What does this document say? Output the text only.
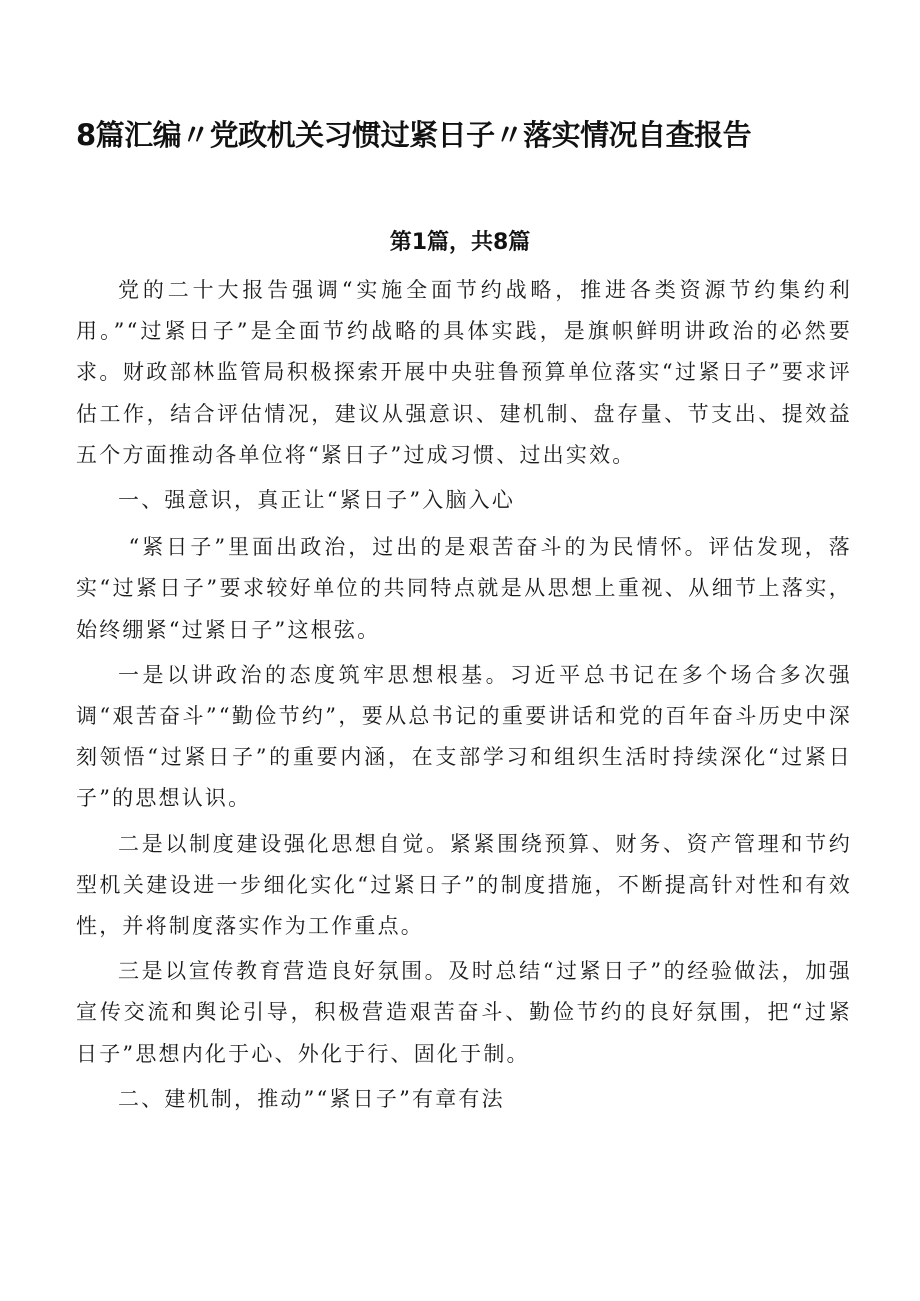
8篇汇编〃党政机关习惯过紧日子〃落实情况自查报告
第1篇，共8篇

党的二十大报告强调“实施全面节约战略，推进各类资源节约集约利用。”“过紧日子”是全面节约战略的具体实践，是旗帜鲜明讲政治的必然要求。财政部林监管局积极探索开展中央驻鲁预算单位落实“过紧日子”要求评估工作，结合评估情况，建议从强意识、建机制、盘存量、节支出、提效益五个方面推动各单位将“紧日子”过成习惯、过出实效。

一、强意识，真正让“紧日子”入脑入心

“紧日子”里面出政治，过出的是艰苦奋斗的为民情怀。评估发现，落实“过紧日子”要求较好单位的共同特点就是从思想上重视、从细节上落实，始终绷紧“过紧日子”这根弦。

一是以讲政治的态度筑牢思想根基。习近平总书记在多个场合多次强调“艰苦奋斗”“勤俭节约”，要从总书记的重要讲话和党的百年奋斗历史中深刻领悟“过紧日子”的重要内涵，在支部学习和组织生活时持续深化“过紧日子”的思想认识。

二是以制度建设强化思想自觉。紧紧围绕预算、财务、资产管理和节约型机关建设进一步细化实化“过紧日子”的制度措施，不断提高针对性和有效性，并将制度落实作为工作重点。

三是以宣传教育营造良好氛围。及时总结“过紧日子”的经验做法，加强宣传交流和舆论引导，积极营造艰苦奋斗、勤俭节约的良好氛围，把“过紧日子”思想内化于心、外化于行、固化于制。

二、建机制，推动”“紧日子”有章有法
